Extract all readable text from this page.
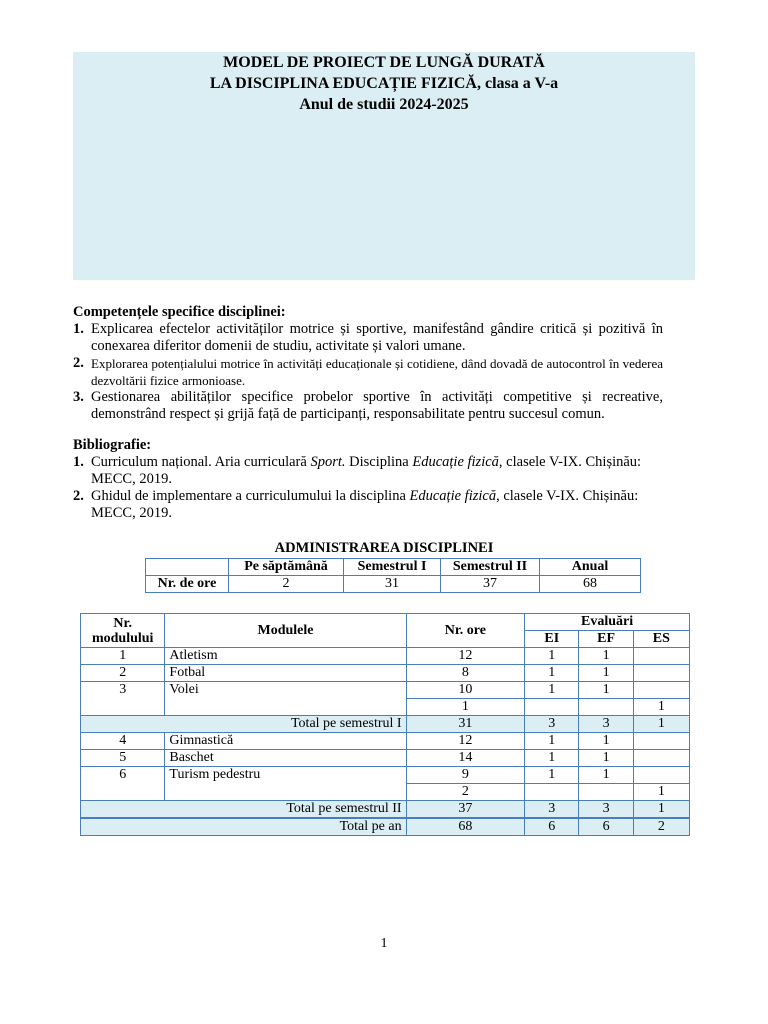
MODEL DE PROIECT DE LUNGĂ DURATĂ
LA DISCIPLINA EDUCAȚIE FIZICĂ, clasa a V-a
Anul de studii 2024-2025
Competențele specifice disciplinei:
1. Explicarea efectelor activităților motrice și sportive, manifestând gândire critică și pozitivă în conexarea diferitor domenii de studiu, activitate și valori umane.
2. Explorarea potențialului motrice în activități educaționale și cotidiene, dând dovadă de autocontrol în vederea dezvoltării fizice armonioase.
3. Gestionarea abilităților specifice probelor sportive în activități competitive și recreative, demonstrând respect și grijă față de participanți, responsabilitate pentru succesul comun.
Bibliografie:
1. Curriculum național. Aria curriculară Sport. Disciplina Educație fizică, clasele V-IX. Chișinău: MECC, 2019.
2. Ghidul de implementare a curriculumului la disciplina Educație fizică, clasele V-IX. Chișinău: MECC, 2019.
ADMINISTRAREA DISCIPLINEI
	Pe săptămână	Semestrul I	Semestrul II	Anual
Nr. de ore	2	31	37	68
Nr. modulului	Modulele	Nr. ore	Evaluări		
			EI	EF	ES
1	Atletism	12	1	1	
2	Fotbal	8	1	1	
3	Volei	10	1	1	
		1			1
Total pe semestrul I		31	3	3	1
4	Gimnastică	12	1	1	
5	Baschet	14	1	1	
6	Turism pedestru	9	1	1	
		2			1
Total pe semestrul II		37	3	3	1
Total pe an		68	6	6	2
1
